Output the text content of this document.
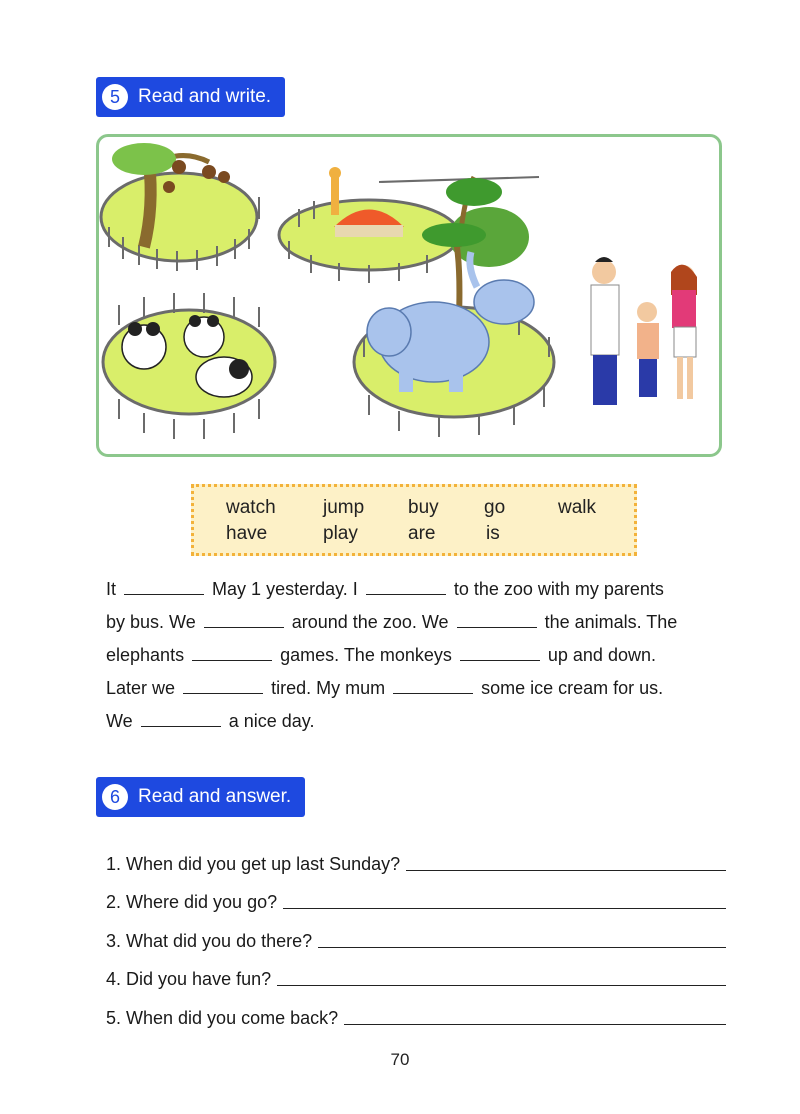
5 Read and write.
watch jump buy go	walk
have	play	are	is
It	May 1 yesterday. I	to the zoo with my parents
by bus. We	around the zoo. We	the animals. The
elephants	games. The monkeys	up and down.
Later we	tired. My mum	some ice cream for us.
We	a nice day.
6 Read and answer.
1. When did you get up last Sunday?
2. Where did you go?
3. What did you do there?
4. Did you have fun?
5. When did you come back?
70
